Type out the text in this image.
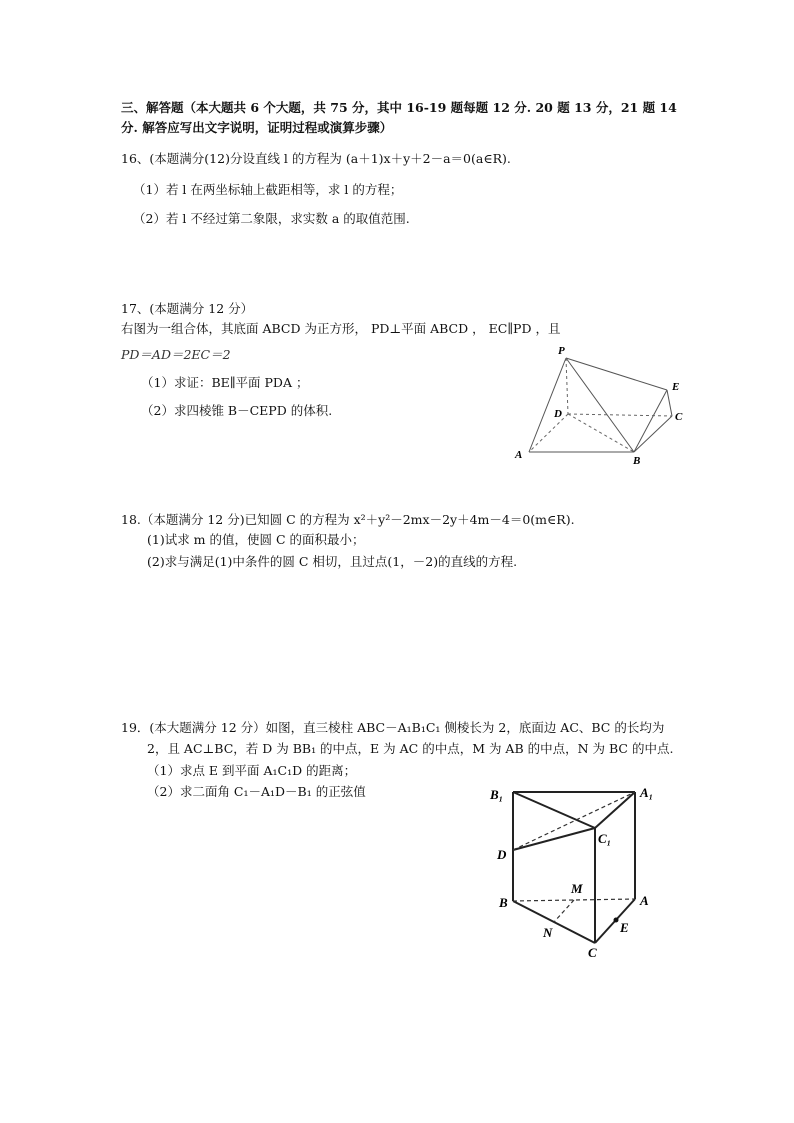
三、解答题（本大题共 6 个大题，共 75 分，其中 16-19 题每题 12 分. 20 题 13 分，21 题 14
分. 解答应写出文字说明，证明过程或演算步骤）
16、(本题满分(12)分设直线 l 的方程为 (a＋1)x＋y＋2－a＝0(a∈R).
（1）若 l 在两坐标轴上截距相等，求 l 的方程；
（2）若 l 不经过第二象限，求实数 a 的取值范围.
17、(本题满分 12 分）
右图为一组合体，其底面 ABCD 为正方形， PD⊥平面 ABCD ， EC∥PD ，且
PD＝AD＝2EC＝2
（1）求证：BE∥平面 PDA ；
（2）求四棱锥 B－CEPD 的体积.
P
E
D	C
A	B
18.（本题满分 12 分)已知圆 C 的方程为 x²＋y²－2mx－2y＋4m－4＝0(m∈R).
(1)试求 m 的值，使圆 C 的面积最小；
(2)求与满足(1)中条件的圆 C 相切，且过点(1，－2)的直线的方程.
19．(本大题满分 12 分）如图，直三棱柱 ABC－A₁B₁C₁ 侧棱长为 2，底面边 AC、BC 的长均为
2，且 AC⊥BC，若 D 为 BB₁ 的中点，E 为 AC 的中点，M 为 AB 的中点，N 为 BC 的中点.
（1）求点 E 到平面 A₁C₁D 的距离；
（2）求二面角 C₁－A₁D－B₁ 的正弦值	B₁	A₁
C₁
D
M
B	A
N	E
C
